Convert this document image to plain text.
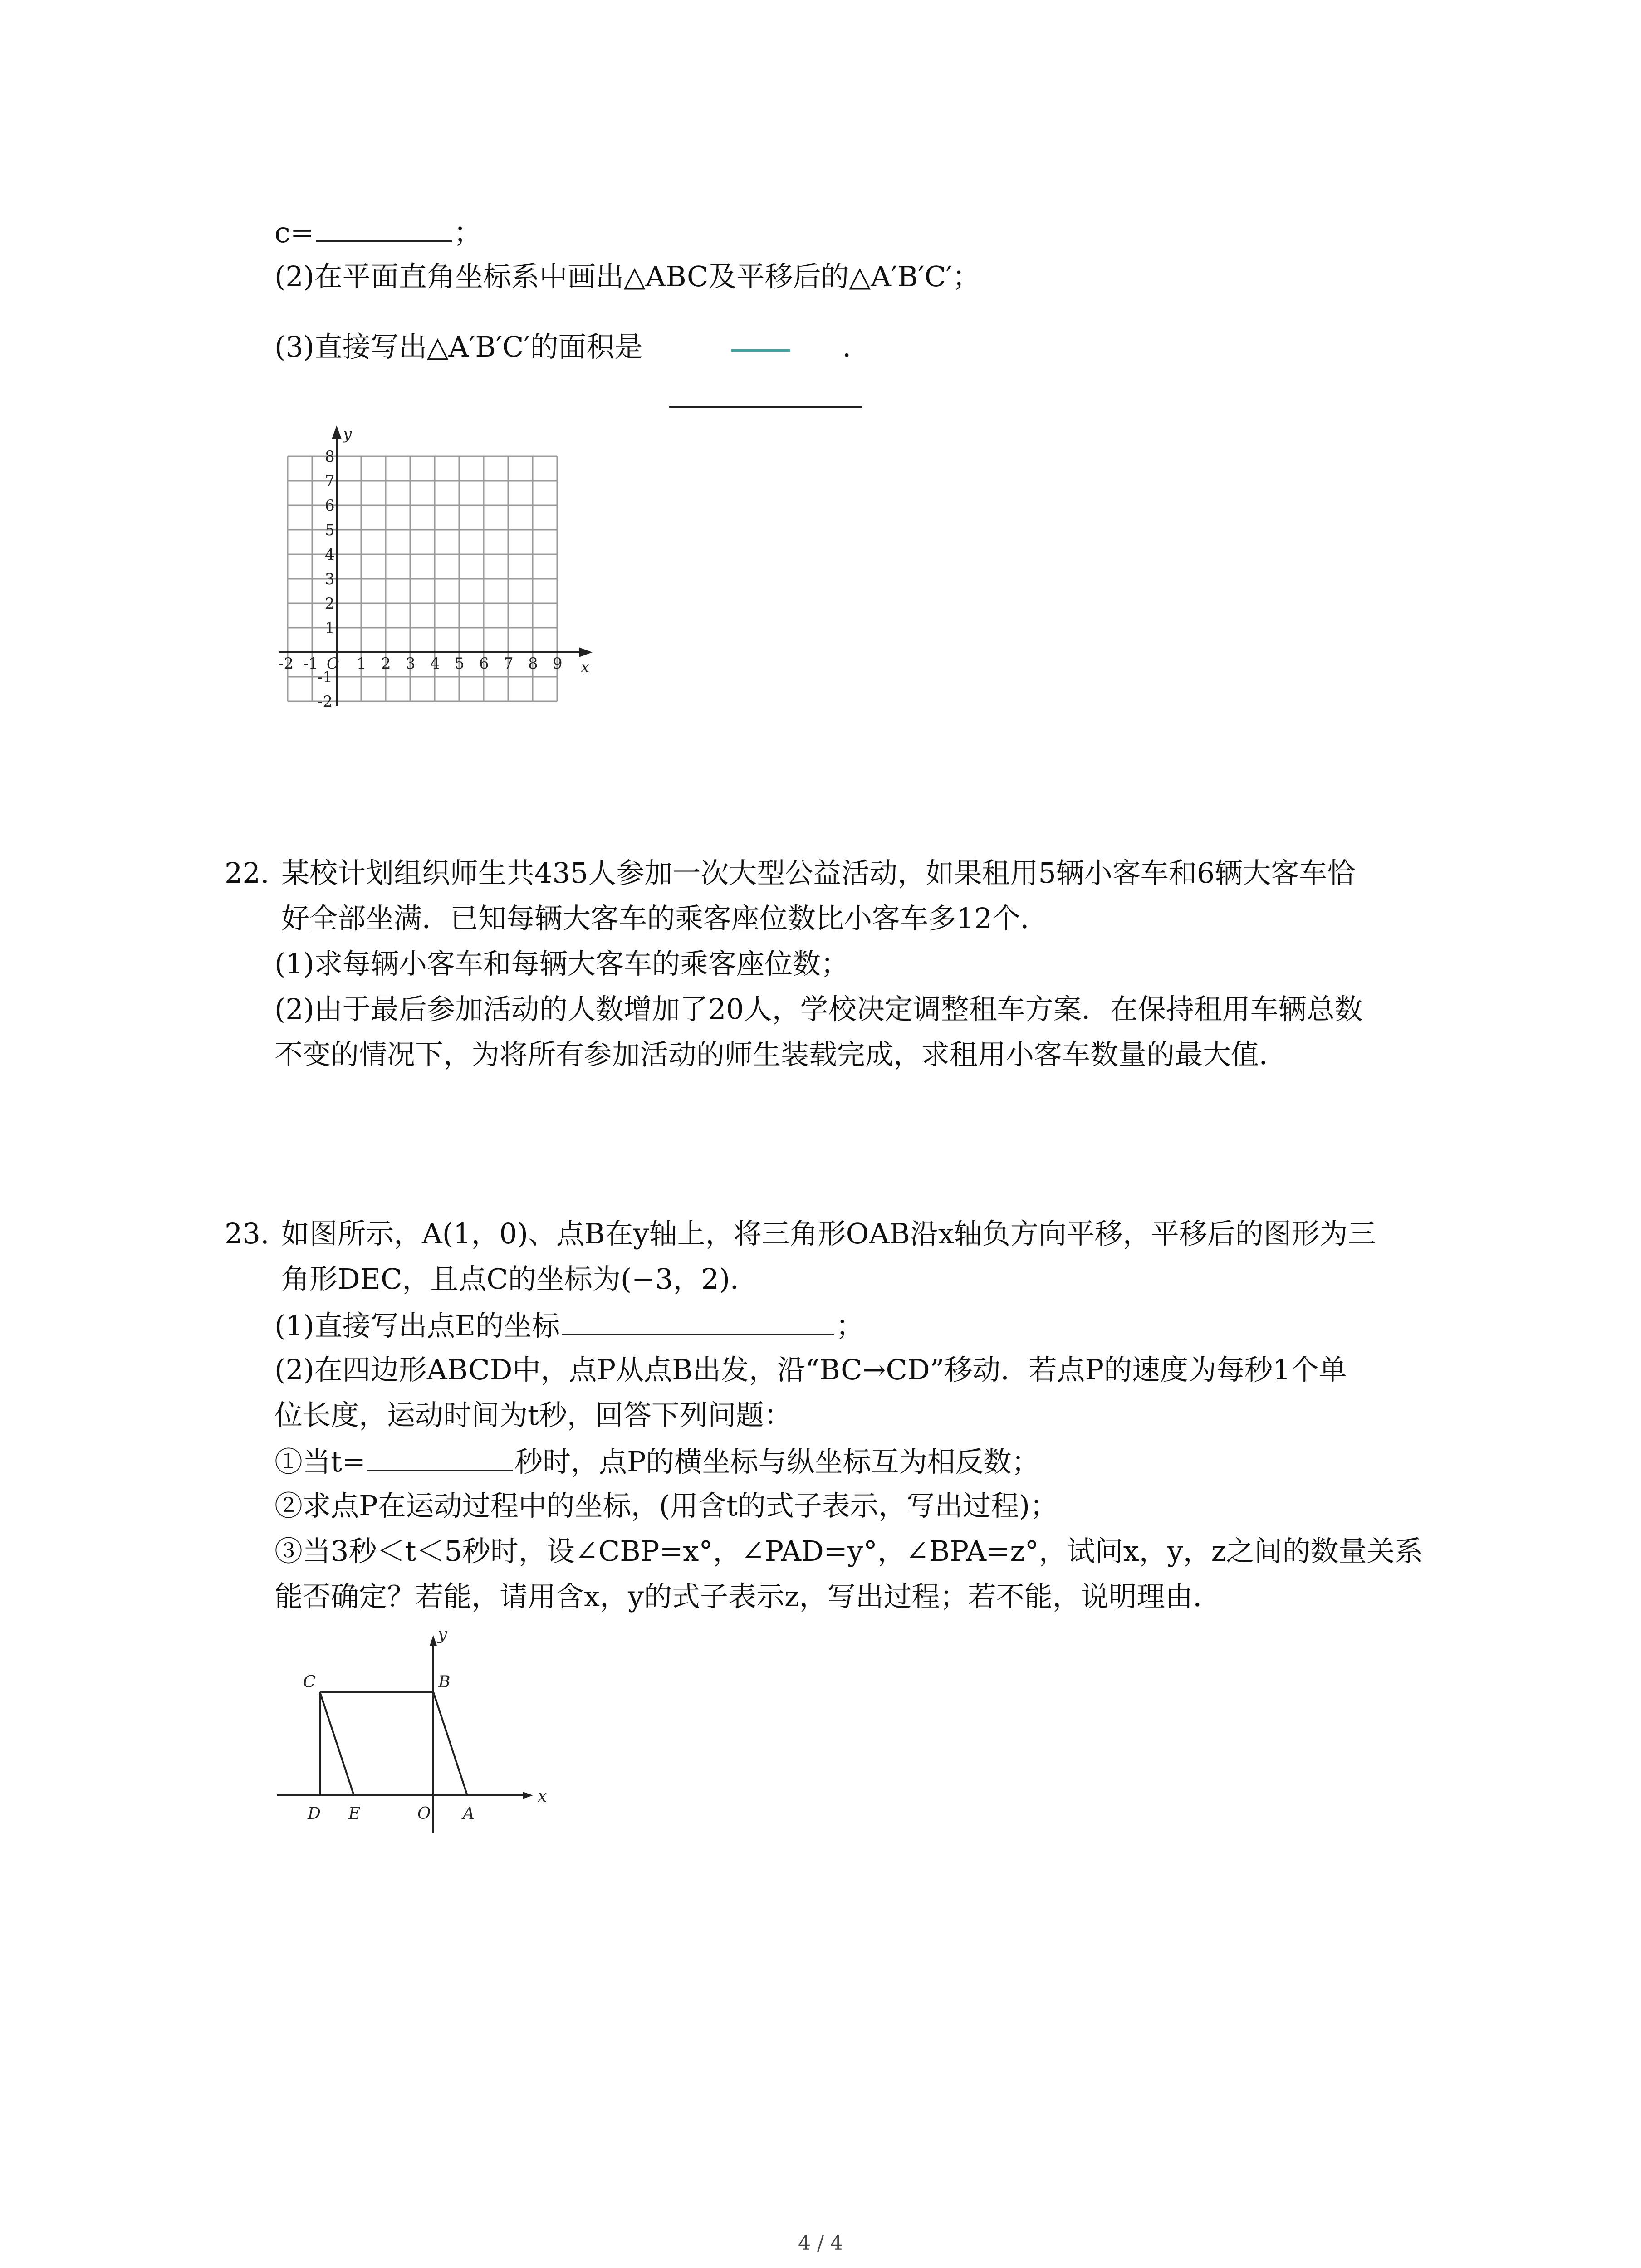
c=	；
(2)在平面直角坐标系中画出△ABC及平移后的△A′B′C′；
(3)直接写出△A′B′C′的面积是	.
y
x
8
7
6
5
4
3
2
1
-1
-2
-2 -1 O 1 2 3 4 5 6 7 8 9
22. 某校计划组织师生共435人参加一次大型公益活动，如果租用5辆小客车和6辆大客车恰
好全部坐满．已知每辆大客车的乘客座位数比小客车多12个．
(1)求每辆小客车和每辆大客车的乘客座位数；
(2)由于最后参加活动的人数增加了20人，学校决定调整租车方案．在保持租用车辆总数
不变的情况下，为将所有参加活动的师生装载完成，求租用小客车数量的最大值．
23. 如图所示，A(1，0)、点B在y轴上，将三角形OAB沿x轴负方向平移，平移后的图形为三
角形DEC，且点C的坐标为(−3，2)．
(1)直接写出点E的坐标	；
(2)在四边形ABCD中，点P从点B出发，沿“BC→CD”移动．若点P的速度为每秒1个单
位长度，运动时间为t秒，回答下列问题：
①当t=	秒时，点P的横坐标与纵坐标互为相反数；
②求点P在运动过程中的坐标，(用含t的式子表示，写出过程)；
③当3秒＜t＜5秒时，设∠CBP=x°，∠PAD=y°，∠BPA=z°，试问x，y，z之间的数量关系
能否确定？若能，请用含x，y的式子表示z，写出过程；若不能，说明理由．
y
x
C	B
D E	O A
4 / 4
